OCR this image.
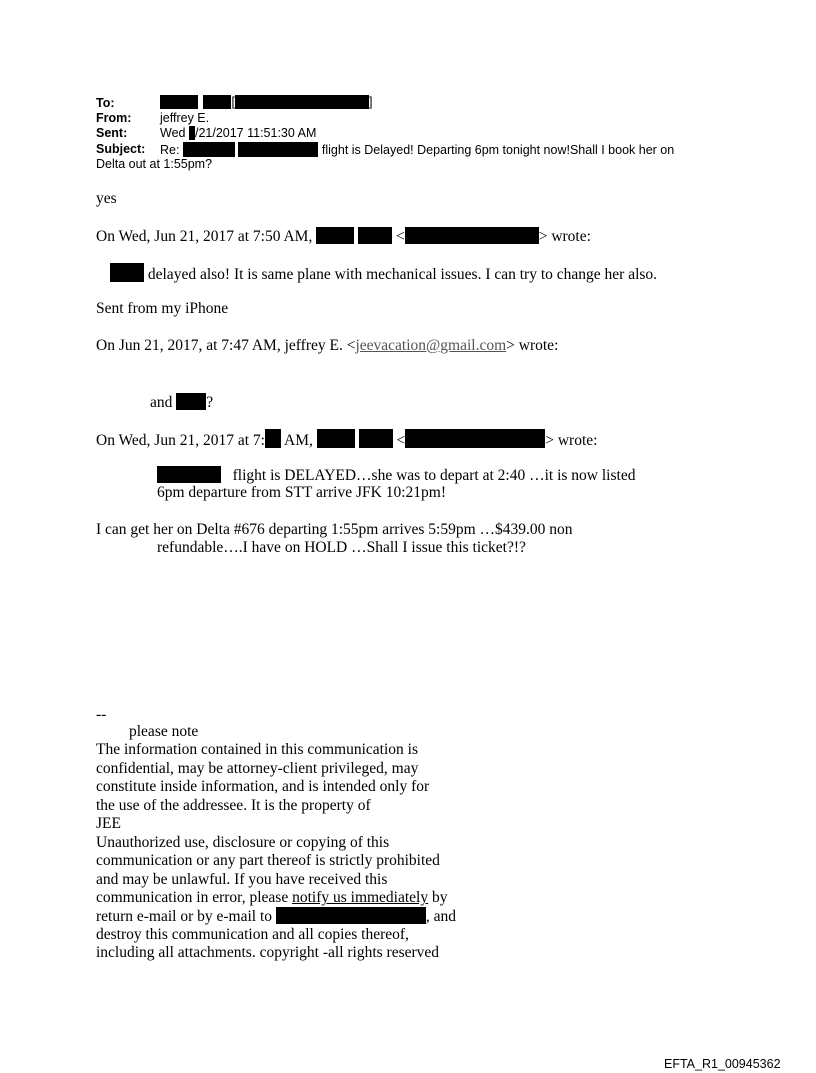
To:	[	]
From: jeffrey E.
Sent:	Wed /21/2017 11:51:30 AM
Subject: Re:	flight is Delayed! Departing 6pm tonight now!Shall I book her on
Delta out at 1:55pm?
yes
On Wed, Jun 21, 2017 at 7:50 AM,	<	> wrote:
delayed also! It is same plane with mechanical issues. I can try to change her also.
Sent from my iPhone
On Jun 21, 2017, at 7:47 AM, jeffrey E. <jeevacation@gmail.com> wrote:
and ?
On Wed, Jun 21, 2017 at 7: AM,	<	> wrote:
flight is DELAYED…she was to depart at 2:40 …it is now listed
6pm departure from STT arrive JFK 10:21pm!
I can get her on Delta #676 departing 1:55pm arrives 5:59pm …$439.00 non
refundable….I have on HOLD …Shall I issue this ticket?!?
--
please note
The information contained in this communication is
confidential, may be attorney-client privileged, may
constitute inside information, and is intended only for
the use of the addressee. It is the property of
JEE
Unauthorized use, disclosure or copying of this
communication or any part thereof is strictly prohibited
and may be unlawful. If you have received this
communication in error, please notify us immediately by
return e-mail or by e-mail to	, and
destroy this communication and all copies thereof,
including all attachments. copyright -all rights reserved
EFTA_R1_00945362
